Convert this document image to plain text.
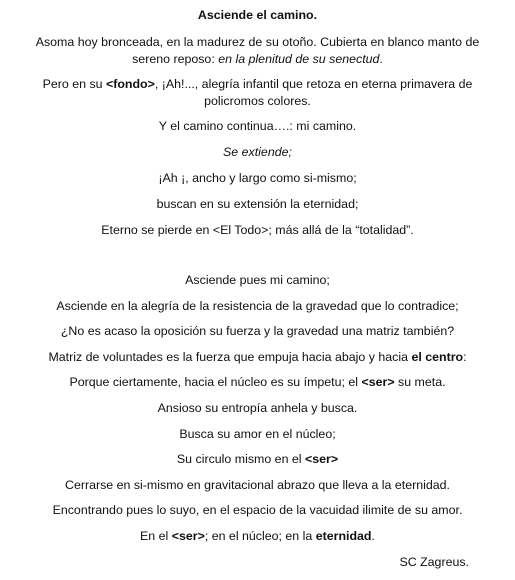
Asciende el camino.

Asoma hoy bronceada, en la madurez de su otoño. Cubierta en blanco manto de sereno reposo: en la plenitud de su senectud.

Pero en su <fondo>, ¡Ah!..., alegría infantil que retoza en eterna primavera de policromos colores.

Y el camino continua….: mi camino.

Se extiende;

¡Ah ¡, ancho y largo como si-mismo;

buscan en su extensión la eternidad;

Eterno se pierde en <El Todo>; más allá de la “totalidad”.

Asciende pues mi camino;

Asciende en la alegría de la resistencia de la gravedad que lo contradice;

¿No es acaso la oposición su fuerza y la gravedad una matriz también?

Matriz de voluntades es la fuerza que empuja hacia abajo y hacia el centro:

Porque ciertamente, hacia el núcleo es su ímpetu; el <ser> su meta.

Ansioso su entropía anhela y busca.

Busca su amor en el núcleo;

Su circulo mismo en el <ser>

Cerrarse en si-mismo en gravitacional abrazo que lleva a la eternidad.

Encontrando pues lo suyo, en el espacio de la vacuidad ilimite de su amor.

En el <ser>; en el núcleo; en la eternidad.

SC Zagreus.
